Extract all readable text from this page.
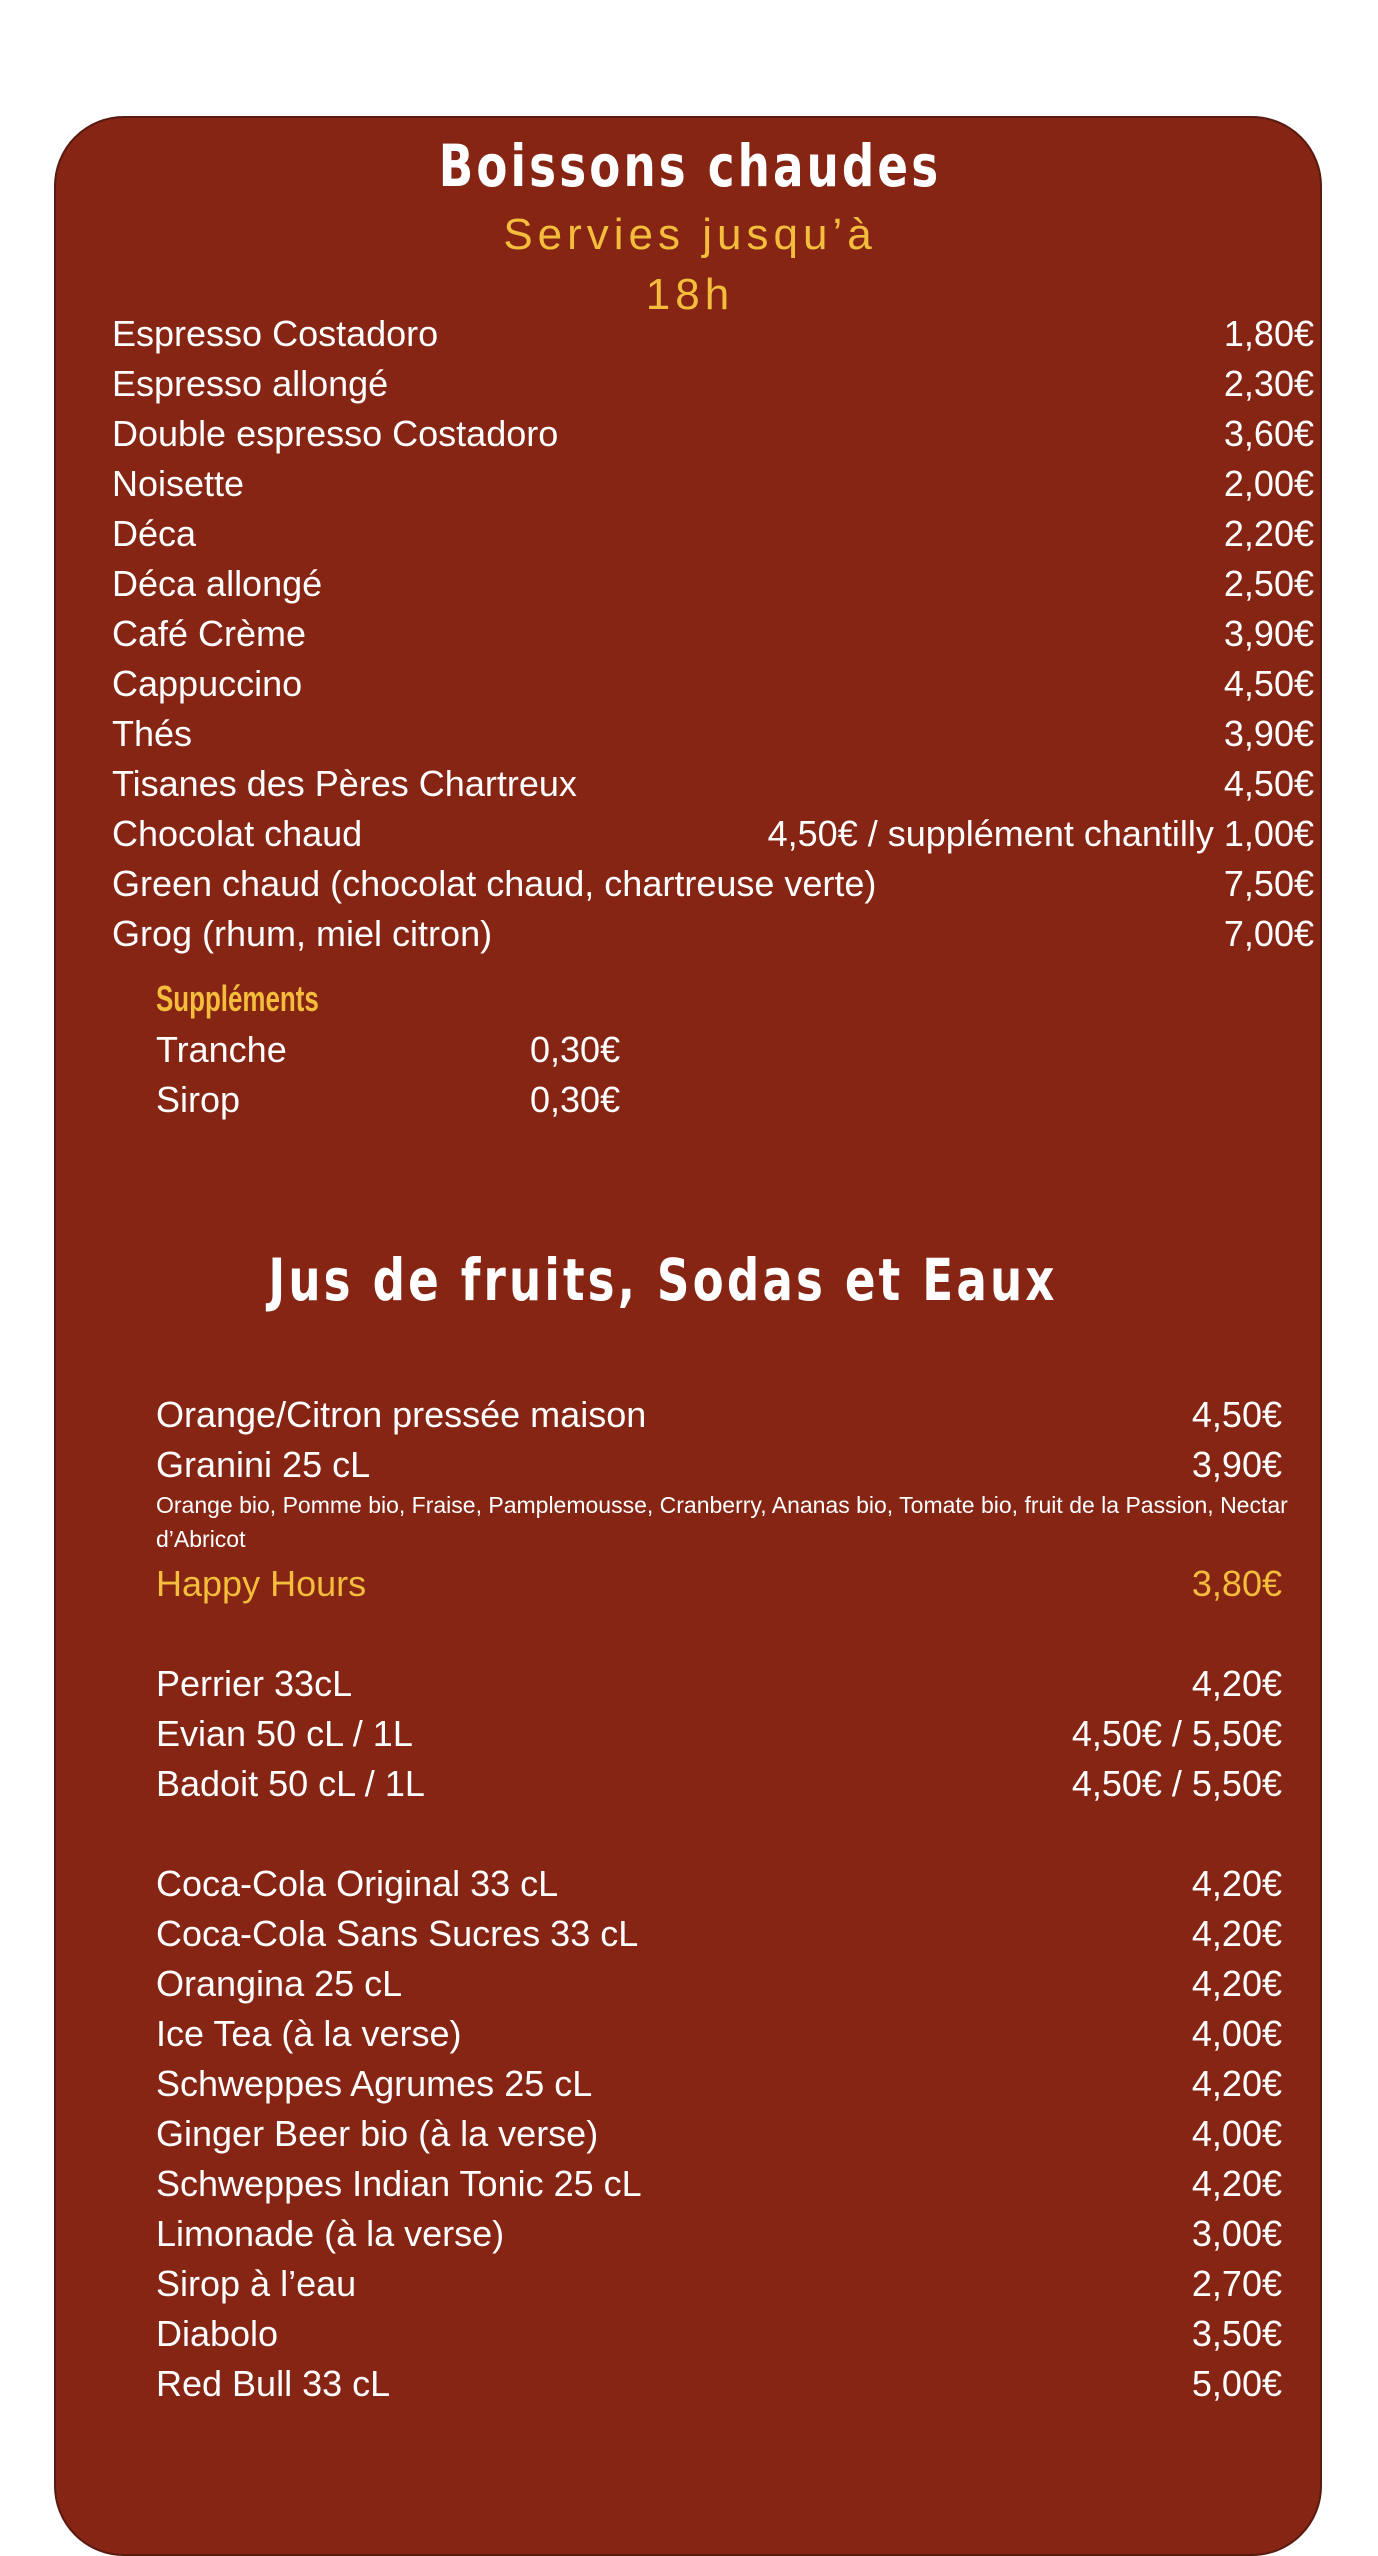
Boissons chaudes
Servies jusqu’à
18h
Espresso Costadoro	1,80€
Espresso allongé	2,30€
Double espresso Costadoro	3,60€
Noisette	2,00€
Déca	2,20€
Déca allongé	2,50€
Café Crème	3,90€
Cappuccino	4,50€
Thés	3,90€
Tisanes des Pères Chartreux	4,50€
Chocolat chaud	4,50€ / supplément chantilly 1,00€
Green chaud (chocolat chaud, chartreuse verte)	7,50€
Grog (rhum, miel citron)	7,00€
Suppléments
Tranche	0,30€
Sirop	0,30€
Jus de fruits, Sodas et Eaux
Orange/Citron pressée maison	4,50€
Granini 25 cL	3,90€
Orange bio, Pomme bio, Fraise, Pamplemousse, Cranberry, Ananas bio, Tomate bio, fruit de la Passion, Nectar d’Abricot
Happy Hours	3,80€
Perrier 33cL	4,20€
Evian 50 cL / 1L	4,50€ / 5,50€
Badoit 50 cL / 1L	4,50€ / 5,50€
Coca-Cola Original 33 cL	4,20€
Coca-Cola Sans Sucres 33 cL	4,20€
Orangina 25 cL	4,20€
Ice Tea (à la verse)	4,00€
Schweppes Agrumes 25 cL	4,20€
Ginger Beer bio (à la verse)	4,00€
Schweppes Indian Tonic 25 cL	4,20€
Limonade (à la verse)	3,00€
Sirop à l’eau	2,70€
Diabolo	3,50€
Red Bull 33 cL	5,00€
